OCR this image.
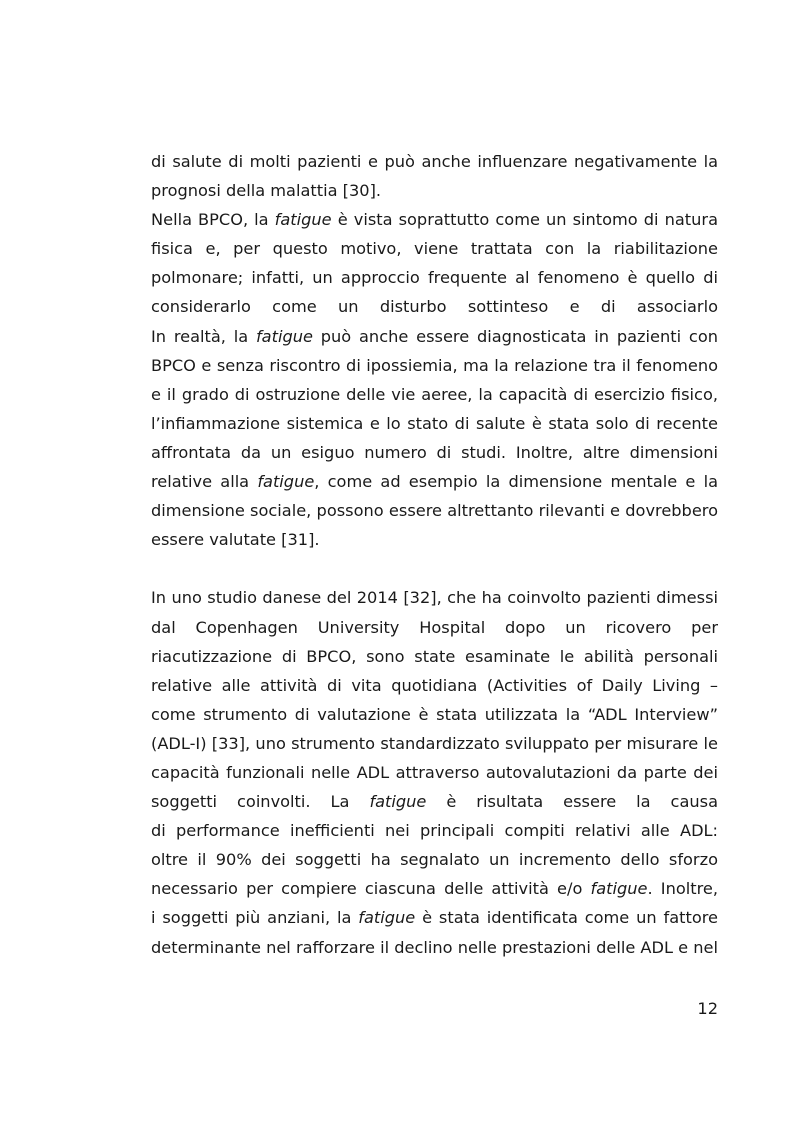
di salute di molti pazienti e può anche influenzare negativamente la
prognosi della malattia [30].
Nella BPCO, la fatigue è vista soprattutto come un sintomo di natura
fisica e, per questo motivo, viene trattata con la riabilitazione
polmonare; infatti, un approccio frequente al fenomeno è quello di
considerarlo come un disturbo sottinteso e di associarlo
In realtà, la fatigue può anche essere diagnosticata in pazienti con
BPCO e senza riscontro di ipossiemia, ma la relazione tra il fenomeno
e il grado di ostruzione delle vie aeree, la capacità di esercizio fisico,
l’infiammazione sistemica e lo stato di salute è stata solo di recente
affrontata da un esiguo numero di studi. Inoltre, altre dimensioni
relative alla fatigue, come ad esempio la dimensione mentale e la
dimensione sociale, possono essere altrettanto rilevanti e dovrebbero
essere valutate [31].
In uno studio danese del 2014 [32], che ha coinvolto pazienti dimessi
dal Copenhagen University Hospital dopo un ricovero per
riacutizzazione di BPCO, sono state esaminate le abilità personali
relative alle attività di vita quotidiana (Activities of Daily Living –
come strumento di valutazione è stata utilizzata la “ADL Interview”
(ADL-I) [33], uno strumento standardizzato sviluppato per misurare le
capacità funzionali nelle ADL attraverso autovalutazioni da parte dei
soggetti coinvolti. La fatigue è risultata essere la causa
di performance inefficienti nei principali compiti relativi alle ADL:
oltre il 90% dei soggetti ha segnalato un incremento dello sforzo
necessario per compiere ciascuna delle attività e/o fatigue. Inoltre,
i soggetti più anziani, la fatigue è stata identificata come un fattore
determinante nel rafforzare il declino nelle prestazioni delle ADL e nel
12
